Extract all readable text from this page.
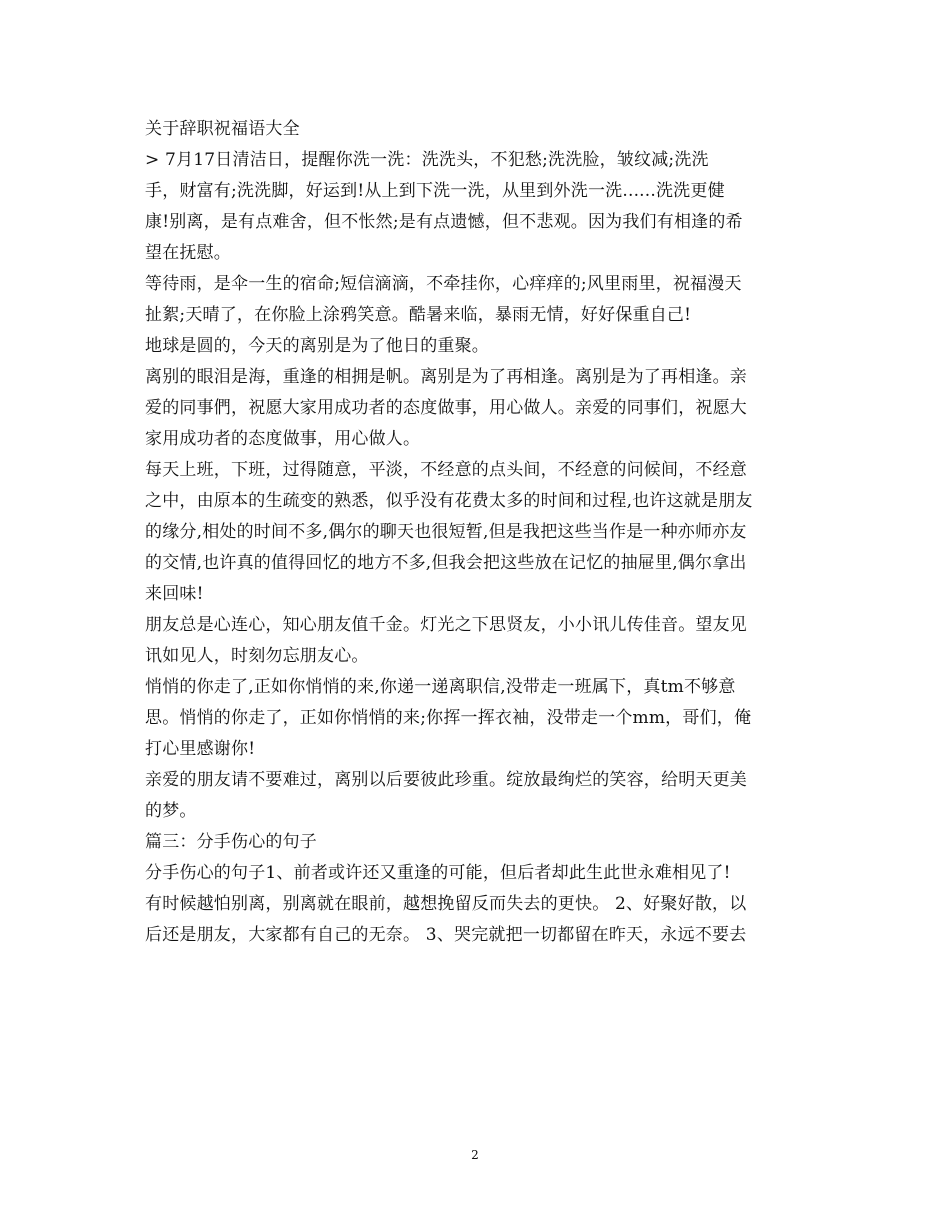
关于辞职祝福语大全
> 7月17日清洁日，提醒你洗一洗：洗洗头，不犯愁;洗洗脸，皱纹减;洗洗
手，财富有;洗洗脚，好运到!从上到下洗一洗，从里到外洗一洗......洗洗更健
康!别离，是有点难舍，但不怅然;是有点遗憾，但不悲观。因为我们有相逢的希
望在抚慰。
等待雨，是伞一生的宿命;短信滴滴，不牵挂你，心痒痒的;风里雨里，祝福漫天
扯絮;天晴了，在你脸上涂鸦笑意。酷暑来临，暴雨无情，好好保重自己!
地球是圆的，今天的离别是为了他日的重聚。
离别的眼泪是海，重逢的相拥是帆。离别是为了再相逢。离别是为了再相逢。亲
爱的同事們，祝愿大家用成功者的态度做事，用心做人。亲爱的同事们，祝愿大
家用成功者的态度做事，用心做人。
每天上班，下班，过得随意，平淡，不经意的点头间，不经意的问候间，不经意
之中，由原本的生疏变的熟悉，似乎没有花费太多的时间和过程,也许这就是朋友
的缘分,相处的时间不多,偶尔的聊天也很短暂,但是我把这些当作是一种亦师亦友
的交情,也许真的值得回忆的地方不多,但我会把这些放在记忆的抽屉里,偶尔拿出
来回味!
朋友总是心连心，知心朋友值千金。灯光之下思贤友，小小讯儿传佳音。望友见
讯如见人，时刻勿忘朋友心。
悄悄的你走了,正如你悄悄的来,你递一递离职信,没带走一班属下，真tm不够意
思。悄悄的你走了，正如你悄悄的来;你挥一挥衣袖，没带走一个mm，哥们，俺
打心里感谢你!
亲爱的朋友请不要难过，离别以后要彼此珍重。绽放最绚烂的笑容，给明天更美
的梦。
篇三：分手伤心的句子
分手伤心的句子1、前者或许还又重逢的可能，但后者却此生此世永难相见了!
有时候越怕别离，别离就在眼前，越想挽留反而失去的更快。 2、好聚好散，以
后还是朋友，大家都有自己的无奈。 3、哭完就把一切都留在昨天，永远不要去
2
